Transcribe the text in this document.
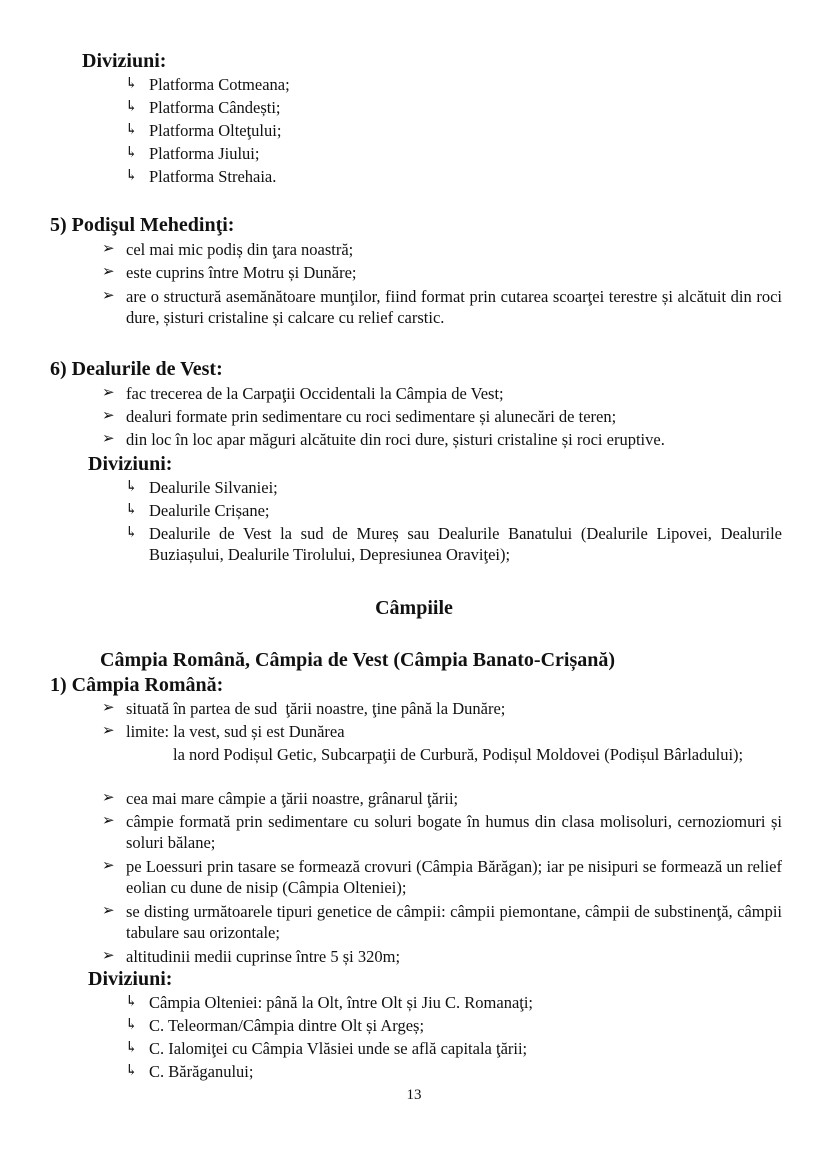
Diviziuni:
↳ Platforma Cotmeana;
↳ Platforma Cândești;
↳ Platforma Olteţului;
↳ Platforma Jiului;
↳ Platforma Strehaia.
5) Podişul Mehedinţi:
➢ cel mai mic podiș din ţara noastră;
➢ este cuprins între Motru și Dunăre;
➢ are o structură asemănătoare munţilor, fiind format prin cutarea scoarţei terestre și alcătuit din roci dure, șisturi cristaline și calcare cu relief carstic.
6) Dealurile de Vest:
➢ fac trecerea de la Carpaţii Occidentali la Câmpia de Vest;
➢ dealuri formate prin sedimentare cu roci sedimentare și alunecări de teren;
➢ din loc în loc apar măguri alcătuite din roci dure, șisturi cristaline și roci eruptive.
Diviziuni:
↳ Dealurile Silvaniei;
↳ Dealurile Crișane;
↳ Dealurile de Vest la sud de Mureș sau Dealurile Banatului (Dealurile Lipovei, Dealurile Buziașului, Dealurile Tirolului, Depresiunea Oraviţei);
Câmpiile
Câmpia Română, Câmpia de Vest (Câmpia Banato-Crișană)
1) Câmpia Română:
➢ situată în partea de sud  ţării noastre, ţine până la Dunăre;
➢ limite: la vest, sud și est Dunărea
la nord Podișul Getic, Subcarpaţii de Curbură, Podișul Moldovei (Podișul Bârladului);
➢ cea mai mare câmpie a ţării noastre, grânarul ţării;
➢ câmpie formată prin sedimentare cu soluri bogate în humus din clasa molisoluri, cernoziomuri și soluri bălane;
➢ pe Loessuri prin tasare se formează crovuri (Câmpia Bărăgan); iar pe nisipuri se formează un relief eolian cu dune de nisip (Câmpia Olteniei);
➢ se disting următoarele tipuri genetice de câmpii: câmpii piemontane, câmpii de substinenţă, câmpii tabulare sau orizontale;
➢ altitudinii medii cuprinse între 5 și 320m;
Diviziuni:
↳ Câmpia Olteniei: până la Olt, între Olt și Jiu C. Romanaţi;
↳ C. Teleorman/Câmpia dintre Olt și Argeș;
↳ C. Ialomiţei cu Câmpia Vlăsiei unde se află capitala ţării;
↳ C. Bărăganului;
13
